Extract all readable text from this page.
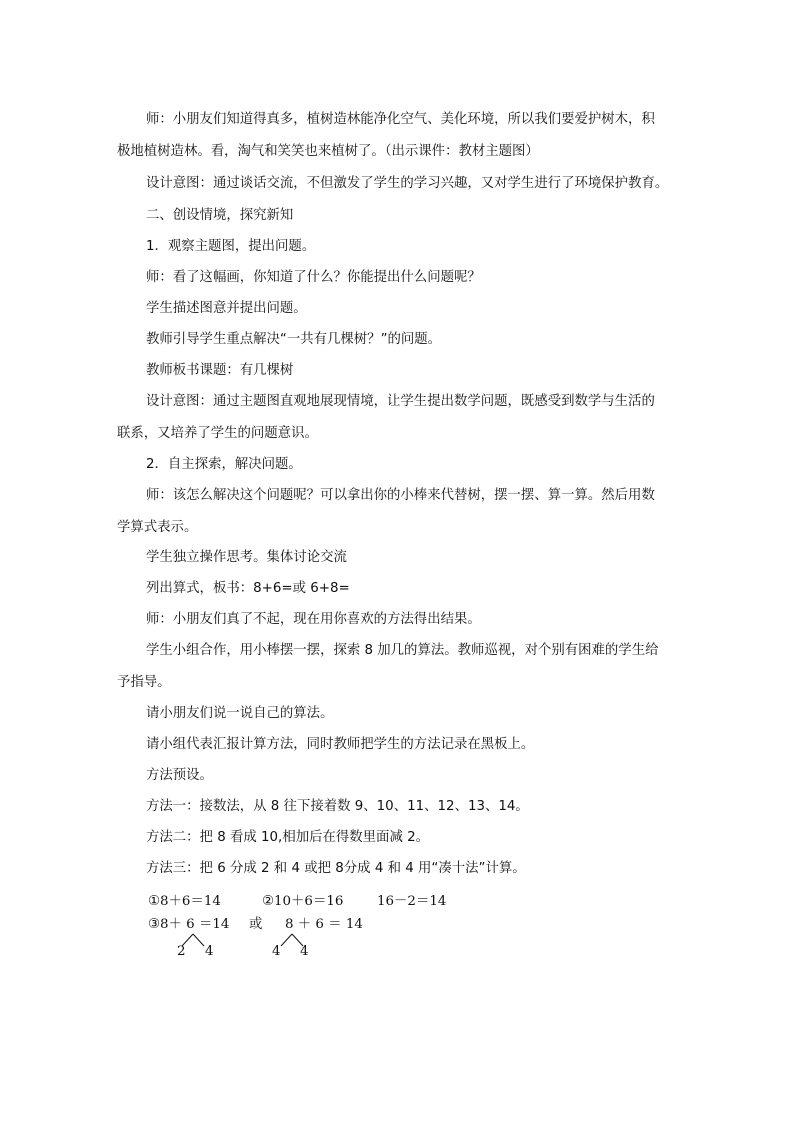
师：小朋友们知道得真多，植树造林能净化空气、美化环境，所以我们要爱护树木，积
极地植树造林。看，淘气和笑笑也来植树了。（出示课件：教材主题图）

设计意图：通过谈话交流，不但激发了学生的学习兴趣，又对学生进行了环境保护教育。

二、创设情境，探究新知

1．观察主题图，提出问题。

师：看了这幅画，你知道了什么？你能提出什么问题呢？

学生描述图意并提出问题。

教师引导学生重点解决“一共有几棵树？”的问题。

教师板书课题：有几棵树

设计意图：通过主题图直观地展现情境，让学生提出数学问题，既感受到数学与生活的
联系，又培养了学生的问题意识。

2．自主探索，解决问题。

师：该怎么解决这个问题呢？可以拿出你的小棒来代替树，摆一摆、算一算。然后用数
学算式表示。

学生独立操作思考。集体讨论交流

列出算式，板书：8+6=或 6+8=

师：小朋友们真了不起，现在用你喜欢的方法得出结果。

学生小组合作，用小棒摆一摆，探索 8 加几的算法。教师巡视，对个别有困难的学生给
予指导。

请小朋友们说一说自己的算法。

请小组代表汇报计算方法，同时教师把学生的方法记录在黑板上。

方法预设。

方法一：接数法，从 8 往下接着数 9、10、11、12、13、14。

方法二：把 8 看成 10,相加后在得数里面减 2。

方法三：把 6 分成 2 和 4 或把 8分成 4 和 4 用“凑十法”计算。

①8＋6＝14	②10＋6＝16	16－2＝14
③8＋ 6 ＝14 或 8 ＋ 6 ＝ 14
2 4	4 4
